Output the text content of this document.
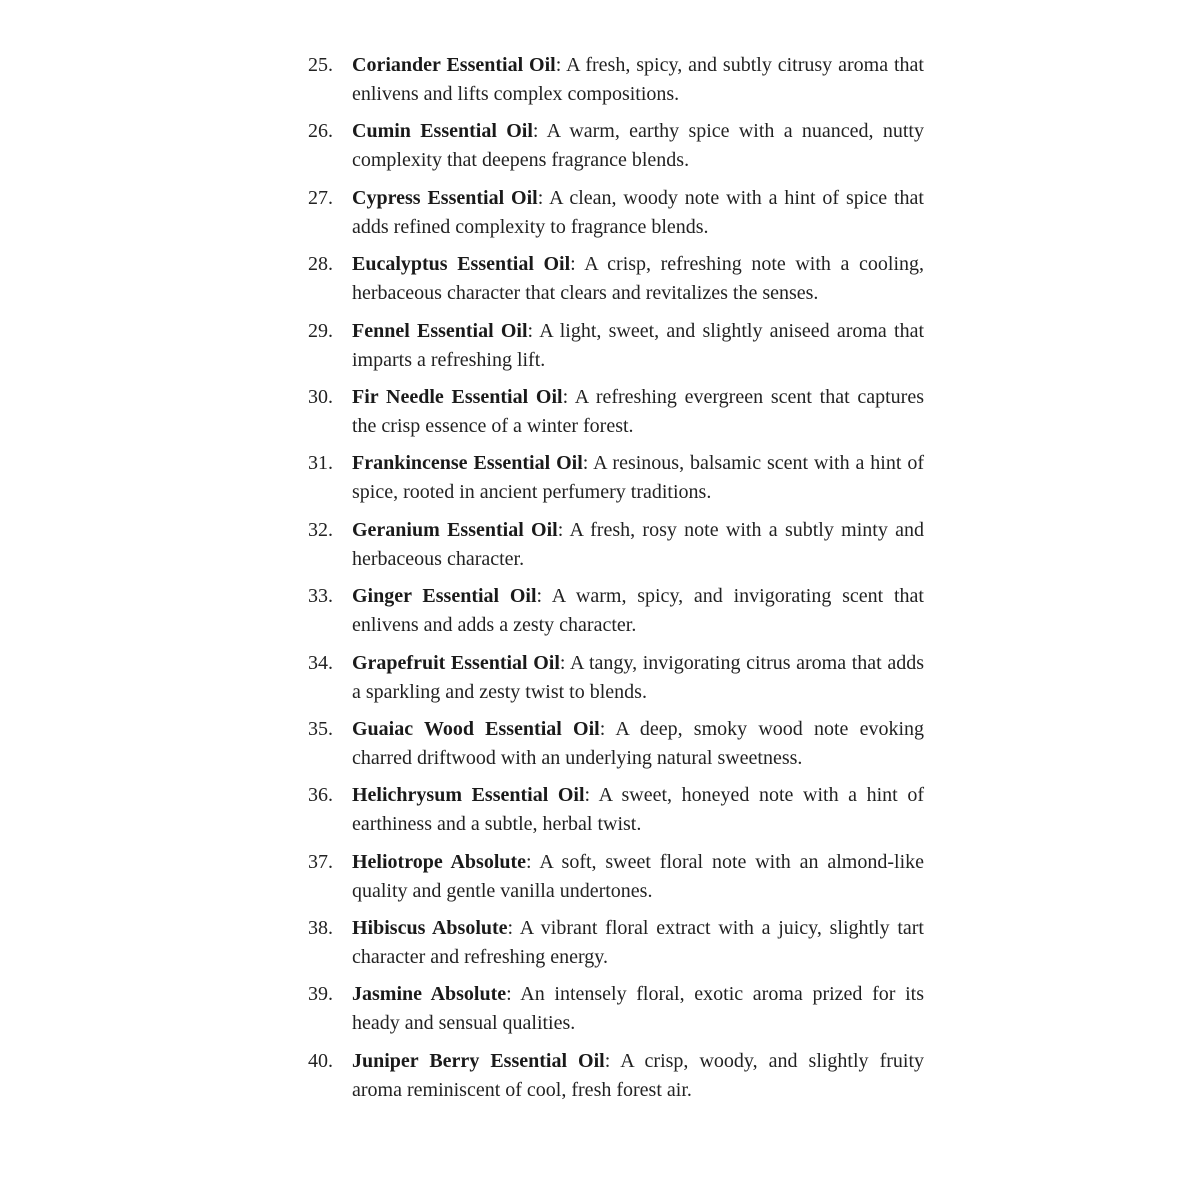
25. Coriander Essential Oil: A fresh, spicy, and subtly citrusy aroma that enlivens and lifts complex compositions.
26. Cumin Essential Oil: A warm, earthy spice with a nuanced, nutty complexity that deepens fragrance blends.
27. Cypress Essential Oil: A clean, woody note with a hint of spice that adds refined complexity to fragrance blends.
28. Eucalyptus Essential Oil: A crisp, refreshing note with a cooling, herbaceous character that clears and revitalizes the senses.
29. Fennel Essential Oil: A light, sweet, and slightly aniseed aroma that imparts a refreshing lift.
30. Fir Needle Essential Oil: A refreshing evergreen scent that captures the crisp essence of a winter forest.
31. Frankincense Essential Oil: A resinous, balsamic scent with a hint of spice, rooted in ancient perfumery traditions.
32. Geranium Essential Oil: A fresh, rosy note with a subtly minty and herbaceous character.
33. Ginger Essential Oil: A warm, spicy, and invigorating scent that enlivens and adds a zesty character.
34. Grapefruit Essential Oil: A tangy, invigorating citrus aroma that adds a sparkling and zesty twist to blends.
35. Guaiac Wood Essential Oil: A deep, smoky wood note evoking charred driftwood with an underlying natural sweetness.
36. Helichrysum Essential Oil: A sweet, honeyed note with a hint of earthiness and a subtle, herbal twist.
37. Heliotrope Absolute: A soft, sweet floral note with an almond-like quality and gentle vanilla undertones.
38. Hibiscus Absolute: A vibrant floral extract with a juicy, slightly tart character and refreshing energy.
39. Jasmine Absolute: An intensely floral, exotic aroma prized for its heady and sensual qualities.
40. Juniper Berry Essential Oil: A crisp, woody, and slightly fruity aroma reminiscent of cool, fresh forest air.
